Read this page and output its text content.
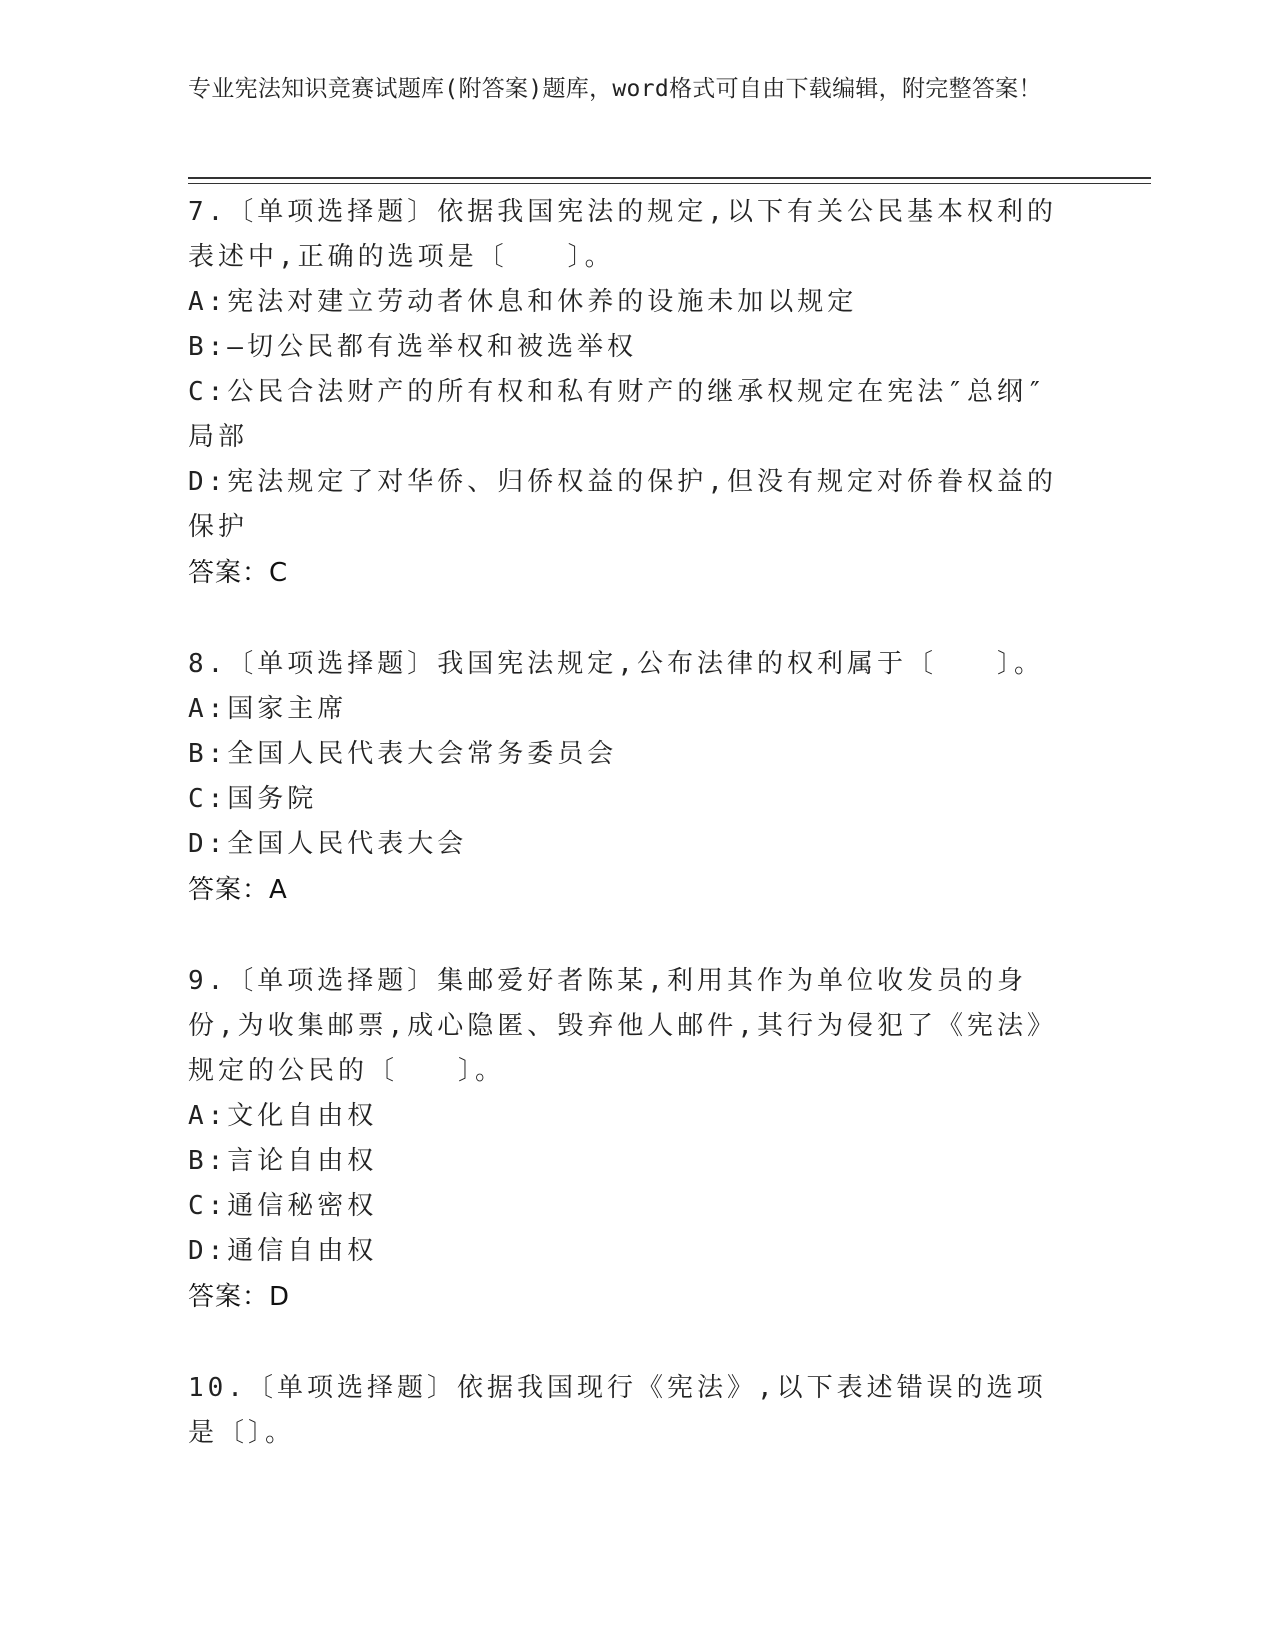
专业宪法知识竞赛试题库(附答案)题库，word格式可自由下载编辑，附完整答案！
7.〔单项选择题〕依据我国宪法的规定,以下有关公民基本权利的表述中,正确的选项是〔　　〕。
A:宪法对建立劳动者休息和休养的设施未加以规定
B:—切公民都有选举权和被选举权
C:公民合法财产的所有权和私有财产的继承权规定在宪法″总纲″局部
D:宪法规定了对华侨、归侨权益的保护,但没有规定对侨眷权益的保护
答案：C
8.〔单项选择题〕我国宪法规定,公布法律的权利属于〔　　〕。
A:国家主席
B:全国人民代表大会常务委员会
C:国务院
D:全国人民代表大会
答案：A
9.〔单项选择题〕集邮爱好者陈某,利用其作为单位收发员的身份,为收集邮票,成心隐匿、毁弃他人邮件,其行为侵犯了《宪法》规定的公民的〔　　〕。
A:文化自由权
B:言论自由权
C:通信秘密权
D:通信自由权
答案：D
10.〔单项选择题〕依据我国现行《宪法》,以下表述错误的选项是〔〕。
